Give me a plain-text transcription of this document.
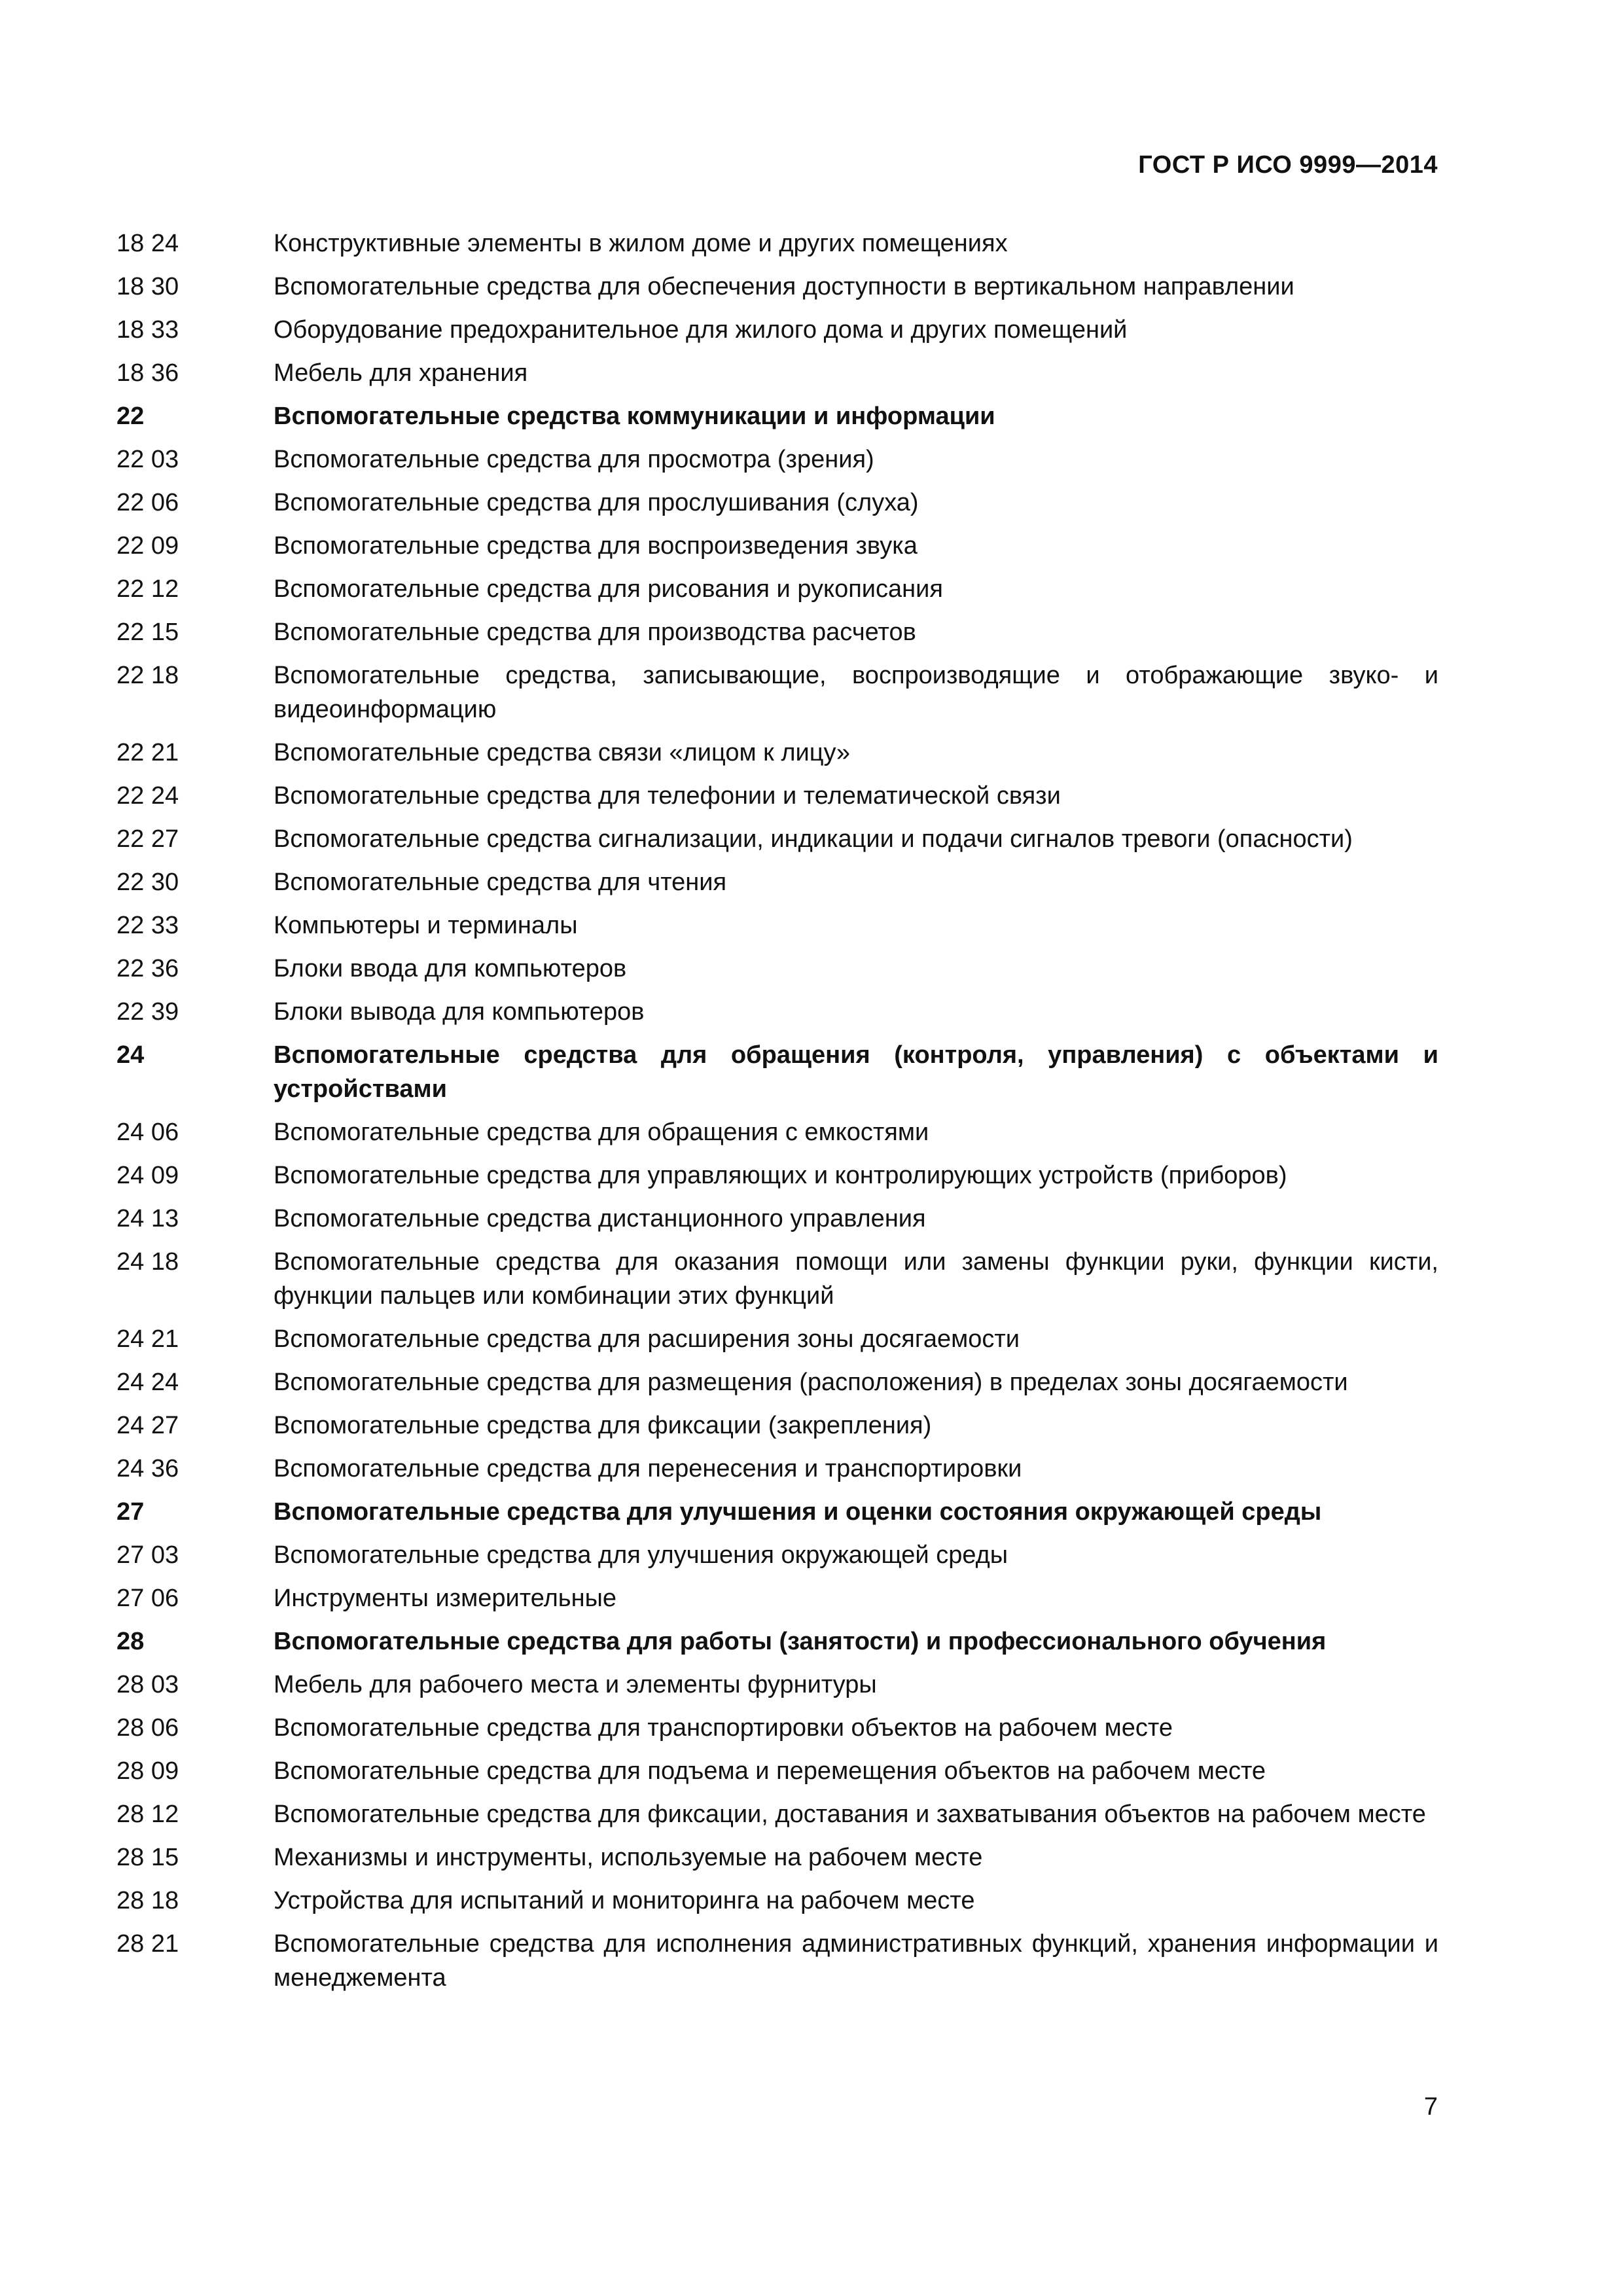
ГОСТ Р ИСО 9999—2014
18 24	Конструктивные элементы в жилом доме и других помещениях
18 30	Вспомогательные средства для обеспечения доступности в вертикальном направлении
18 33	Оборудование предохранительное для жилого дома и других помещений
18 36	Мебель для хранения
22	Вспомогательные средства коммуникации и информации
22 03	Вспомогательные средства для просмотра (зрения)
22 06	Вспомогательные средства для прослушивания (слуха)
22 09	Вспомогательные средства для воспроизведения звука
22 12	Вспомогательные средства для рисования и рукописания
22 15	Вспомогательные средства для производства расчетов
22 18	Вспомогательные средства, записывающие, воспроизводящие и отображающие звуко- и видеоинформацию
22 21	Вспомогательные средства связи «лицом к лицу»
22 24	Вспомогательные средства для телефонии и телематической связи
22 27	Вспомогательные средства сигнализации, индикации и подачи сигналов тревоги (опасности)
22 30	Вспомогательные средства для чтения
22 33	Компьютеры и терминалы
22 36	Блоки ввода для компьютеров
22 39	Блоки вывода для компьютеров
24	Вспомогательные средства для обращения (контроля, управления) с объектами и устройствами
24 06	Вспомогательные средства для обращения с емкостями
24 09	Вспомогательные средства для управляющих и контролирующих устройств (приборов)
24 13	Вспомогательные средства дистанционного управления
24 18	Вспомогательные средства для оказания помощи или замены функции руки, функции кисти, функции пальцев или комбинации этих функций
24 21	Вспомогательные средства для расширения зоны досягаемости
24 24	Вспомогательные средства для размещения (расположения) в пределах зоны досягаемости
24 27	Вспомогательные средства для фиксации (закрепления)
24 36	Вспомогательные средства для перенесения и транспортировки
27	Вспомогательные средства для улучшения и оценки состояния окружающей среды
27 03	Вспомогательные средства для улучшения окружающей среды
27 06	Инструменты измерительные
28	Вспомогательные средства для работы (занятости) и профессионального обучения
28 03	Мебель для рабочего места и элементы фурнитуры
28 06	Вспомогательные средства для транспортировки объектов на рабочем месте
28 09	Вспомогательные средства для подъема и перемещения объектов на рабочем месте
28 12	Вспомогательные средства для фиксации, доставания и захватывания объектов на рабочем месте
28 15	Механизмы и инструменты, используемые на рабочем месте
28 18	Устройства для испытаний и мониторинга на рабочем месте
28 21	Вспомогательные средства для исполнения административных функций, хранения информации и менеджемента
7
